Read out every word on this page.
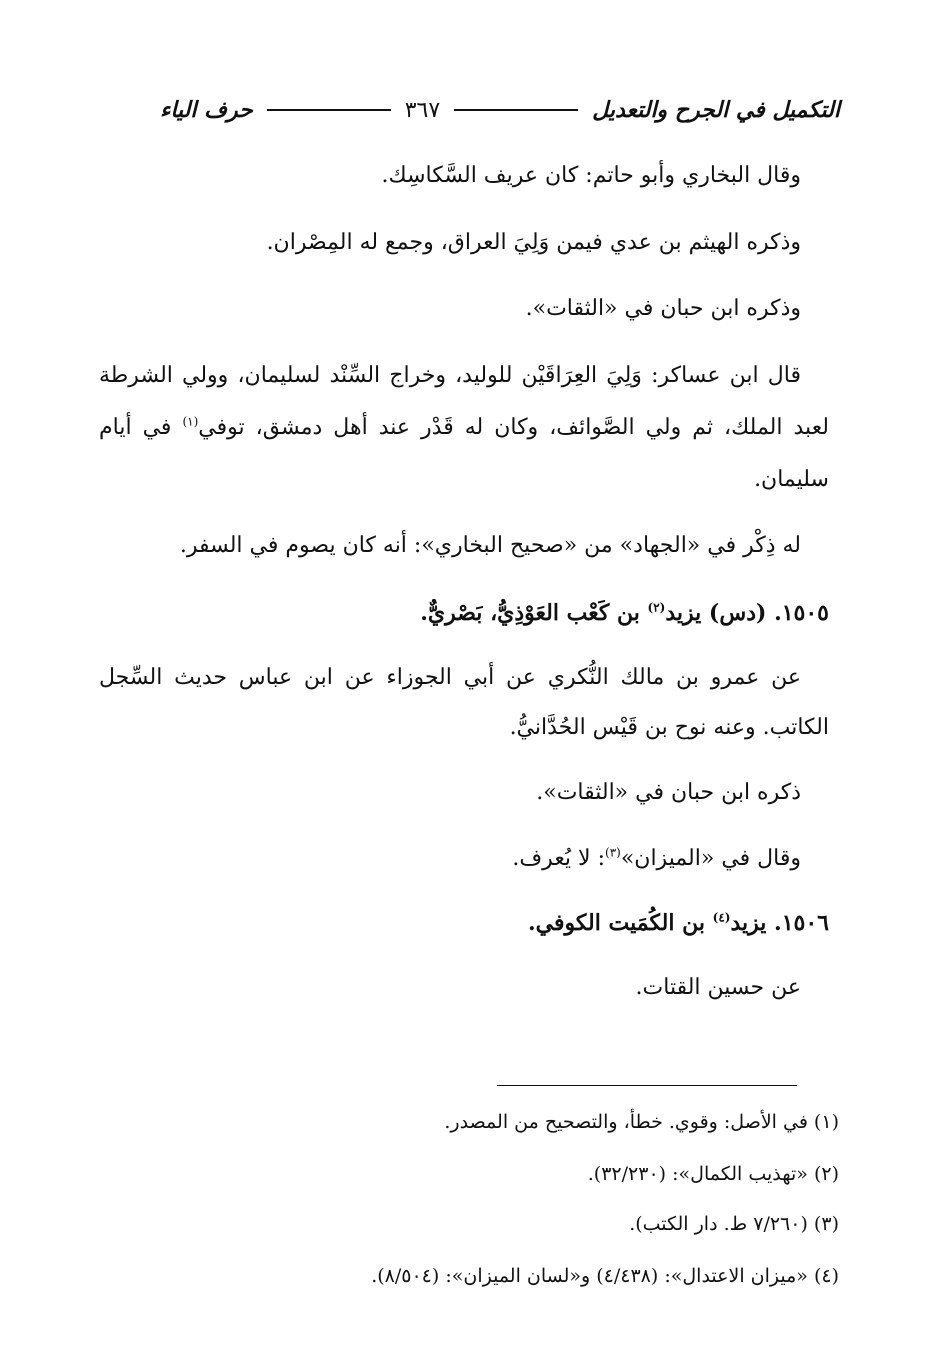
التكميل في الجرح والتعديل
٣٦٧
حرف الياء
وقال البخاري وأبو حاتم: كان عريف السَّكاسِك.
وذكره الهيثم بن عدي فيمن وَلِيَ العراق، وجمع له المِصْران.
وذكره ابن حبان في «الثقات».
قال ابن عساكر: وَلِيَ العِرَاقَيْن للوليد، وخراج السِّنْد لسليمان، وولي الشرطة
لعبد الملك، ثم ولي الصَّوائف، وكان له قَدْر عند أهل دمشق، توفي$^{(١)}$ في أيام
سليمان.
له ذِكْر في «الجهاد» من «صحيح البخاري»: أنه كان يصوم في السفر.
١٥٠٥. (دس) يزيد$^{(٢)}$ بن كَعْب العَوْذِيُّ، بَصْريٌّ.
عن عمرو بن مالك النُّكري عن أبي الجوزاء عن ابن عباس حديث السِّجل
الكاتب. وعنه نوح بن قَيْس الحُدَّانيُّ.
ذكره ابن حبان في «الثقات».
وقال في «الميزان»$^{(٣)}$: لا يُعرف.
١٥٠٦. يزيد$^{(٤)}$ بن الكُمَيت الكوفي.
عن حسين القتات.
(١) في الأصل: وقوي. خطأ، والتصحيح من المصدر.
(٢) «تهذيب الكمال»: (٣٢/٢٣٠).
(٣) (٧/٢٦٠ ط. دار الكتب).
(٤) «ميزان الاعتدال»: (٤/٤٣٨) و«لسان الميزان»: (٨/٥٠٤).
